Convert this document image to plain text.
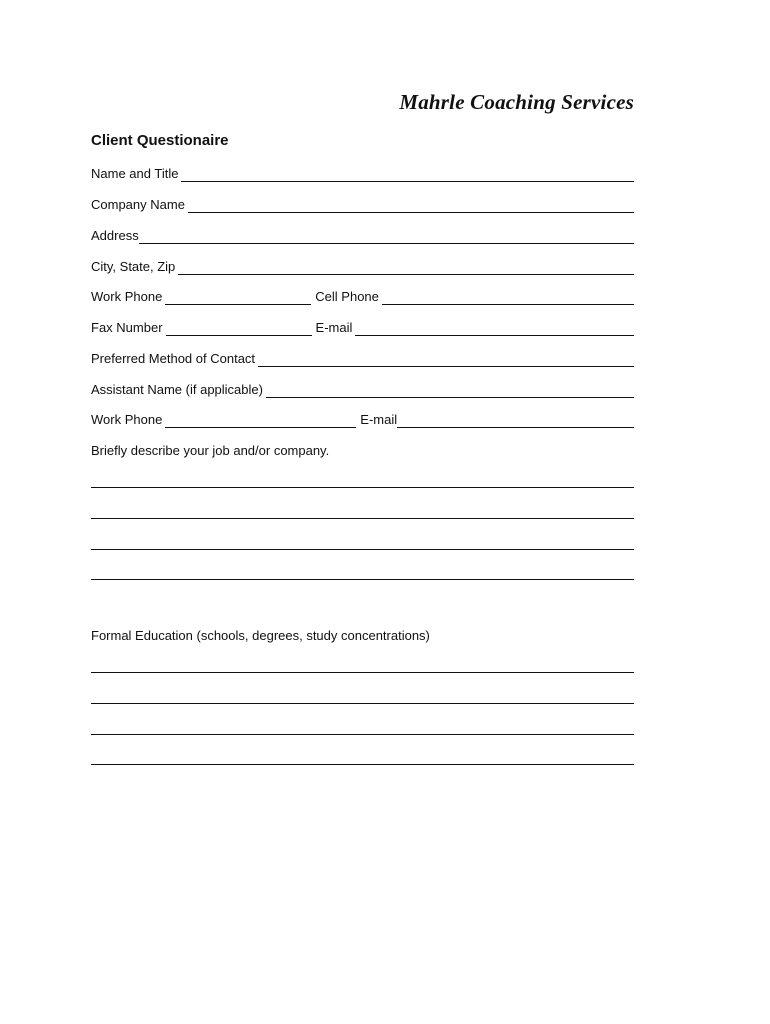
Mahrle Coaching Services
Client Questionaire
Name and Title
Company Name
Address
City, State, Zip
Work Phone	Cell Phone
Fax Number	E-mail
Preferred Method of Contact
Assistant Name (if applicable)
Work Phone	E-mail
Briefly describe your job and/or company.
Formal Education (schools, degrees, study concentrations)
